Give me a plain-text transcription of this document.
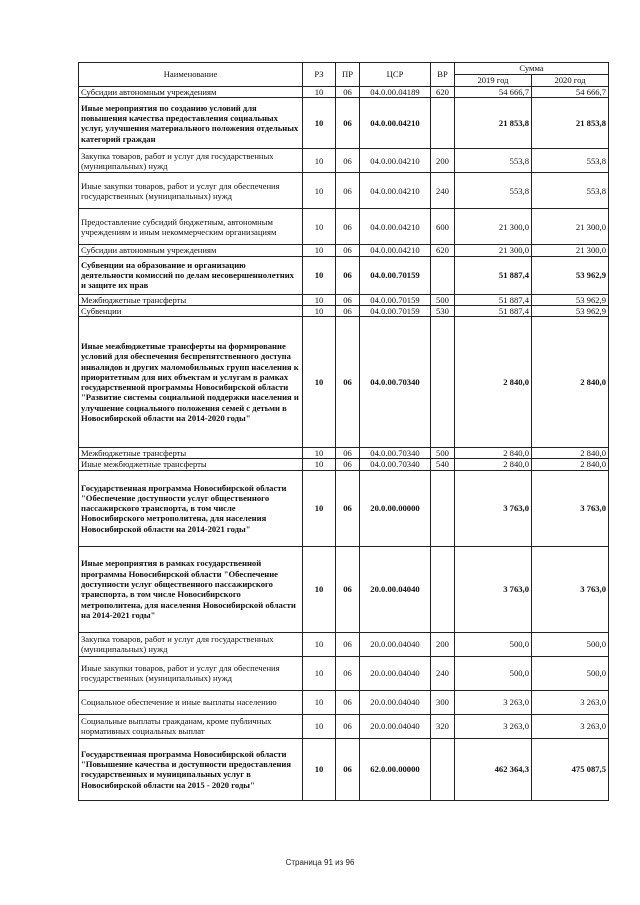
Наименование	РЗ	ПР	ЦСР	ВР	Сумма	
					2019 год	2020 год
Субсидии автономным учреждениям	10	06	04.0.00.04189	620	54 666,7	54 666,7
Иные мероприятия по созданию условий для повышения качества предоставления социальных услуг, улучшения материального положения отдельных категорий граждан	10	06	04.0.00.04210		21 853,8	21 853,8
Закупка товаров, работ и услуг для государственных (муниципальных) нужд	10	06	04.0.00.04210	200	553,8	553,8
Иные закупки товаров, работ и услуг для обеспечения государственных (муниципальных) нужд	10	06	04.0.00.04210	240	553,8	553,8
Предоставление субсидий бюджетным, автономным учреждениям и иным некоммерческим организациям	10	06	04.0.00.04210	600	21 300,0	21 300,0
Субсидии автономным учреждениям	10	06	04.0.00.04210	620	21 300,0	21 300,0
Субвенции на образование и организацию деятельности комиссий по делам несовершеннолетних и защите их прав	10	06	04.0.00.70159		51 887,4	53 962,9
Межбюджетные трансферты	10	06	04.0.00.70159	500	51 887,4	53 962,9
Субвенции	10	06	04.0.00.70159	530	51 887,4	53 962,9
Иные межбюджетные трансферты на формирование условий для обеспечения беспрепятственного доступа инвалидов и других маломобильных групп населения к приоритетным для них объектам и услугам в рамках государственной программы Новосибирской области "Развитие системы социальной поддержки населения и улучшение социального положения семей с детьми в Новосибирской области на 2014-2020 годы"	10	06	04.0.00.70340		2 840,0	2 840,0
Межбюджетные трансферты	10	06	04.0.00.70340	500	2 840,0	2 840,0
Иные межбюджетные трансферты	10	06	04.0.00.70340	540	2 840,0	2 840,0
Государственная программа Новосибирской области "Обеспечение доступности услуг общественного пассажирского транспорта, в том числе Новосибирского метрополитена, для населения Новосибирской области на 2014-2021 годы"	10	06	20.0.00.00000		3 763,0	3 763,0
Иные мероприятия в рамках государственной программы Новосибирской области "Обеспечение доступности услуг общественного пассажирского транспорта, в том числе Новосибирского метрополитена, для населения Новосибирской области на 2014-2021 годы"	10	06	20.0.00.04040		3 763,0	3 763,0
Закупка товаров, работ и услуг для государственных (муниципальных) нужд	10	06	20.0.00.04040	200	500,0	500,0
Иные закупки товаров, работ и услуг для обеспечения государственных (муниципальных) нужд	10	06	20.0.00.04040	240	500,0	500,0
Социальное обеспечение и иные выплаты населению	10	06	20.0.00.04040	300	3 263,0	3 263,0
Социальные выплаты гражданам, кроме публичных нормативных социальных выплат	10	06	20.0.00.04040	320	3 263,0	3 263,0
Государственная программа Новосибирской области "Повышение качества и доступности предоставления государственных и муниципальных услуг в Новосибирской области на 2015 - 2020 годы"	10	06	62.0.00.00000		462 364,3	475 087,5
Страница 91 из 96
